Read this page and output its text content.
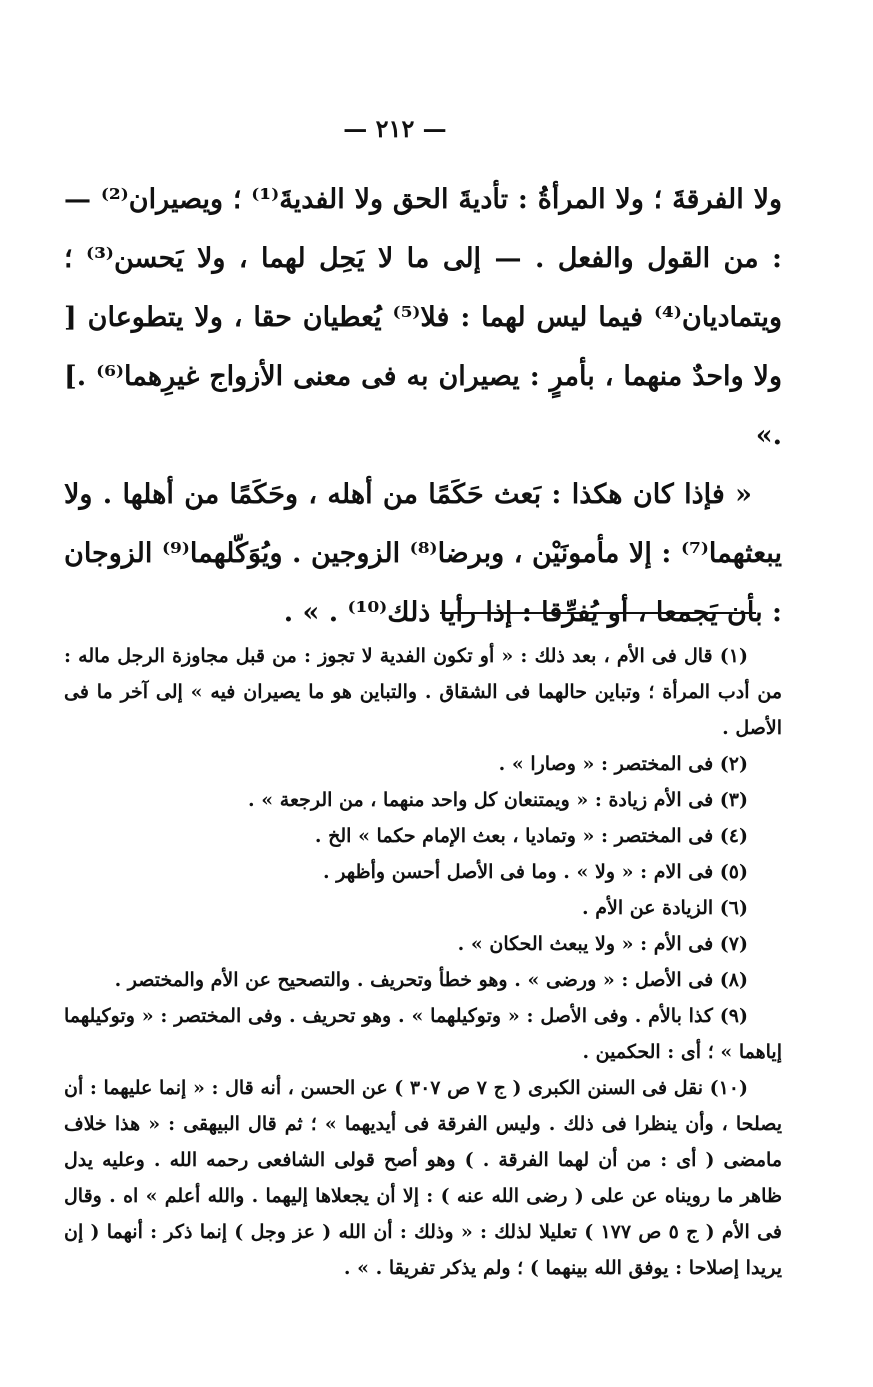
— ٢١٢ —

ولا الفرقةَ ؛ ولا المرأةُ : تأديةَ الحق ولا الفديةَ⁽¹⁾ ؛ ويصيران⁽²⁾ — : من القول والفعل . — إلى ما لا يَحِل لهما ، ولا يَحسن⁽³⁾ ؛ ويتماديان⁽⁴⁾ فيما ليس لهما : فلا⁽⁵⁾ يُعطيان حقا ، ولا يتطوعان [ ولا واحدٌ منهما ، بأمرٍ : يصيران به فى معنى الأزواج غيرِهما⁽⁶⁾ .] .»

« فإذا كان هكذا : بَعث حَكَمًا من أهله ، وحَكَمًا من أهلها . ولا يبعثهما⁽⁷⁾ : إلا مأمونَيْن ، وبرضا⁽⁸⁾ الزوجين . ويُوَكّلهما⁽⁹⁾ الزوجان : بأن يَجمعا ، أو يُفرِّقا : إذا رأيا ذلك⁽¹⁰⁾ . » .

(١) قال فى الأم ، بعد ذلك : « أو تكون الفدية لا تجوز : من قبل مجاوزة الرجل ماله : من أدب المرأة ؛ وتباين حالهما فى الشقاق . والتباين هو ما يصيران فيه » إلى آخر ما فى الأصل .

(٢) فى المختصر : « وصارا » .

(٣) فى الأم زيادة : « ويمتنعان كل واحد منهما ، من الرجعة » .

(٤) فى المختصر : « وتماديا ، بعث الإمام حكما » الخ .

(٥) فى الام : « ولا » . وما فى الأصل أحسن وأظهر .

(٦) الزيادة عن الأم .

(٧) فى الأم : « ولا يبعث الحكان » .

(٨) فى الأصل : « ورضى » . وهو خطأ وتحريف . والتصحيح عن الأم والمختصر .

(٩) كذا بالأم . وفى الأصل : « وتوكيلهما » . وهو تحريف . وفى المختصر : « وتوكيلهما إياهما » ؛ أى : الحكمين .

(١٠) نقل فى السنن الكبرى ( ج ٧ ص ٣٠٧ ) عن الحسن ، أنه قال : « إنما عليهما : أن يصلحا ، وأن ينظرا فى ذلك . وليس الفرقة فى أيديهما » ؛ ثم قال البيهقى : « هذا خلاف مامضى ( أى : من أن لهما الفرقة . ) وهو أصح قولى الشافعى رحمه الله . وعليه يدل ظاهر ما رويناه عن على ( رضى الله عنه ) : إلا أن يجعلاها إليهما . والله أعلم » اه . وقال فى الأم ( ج ٥ ص ١٧٧ ) تعليلا لذلك : « وذلك : أن الله ( عز وجل ) إنما ذكر : أنهما ( إن يريدا إصلاحا : يوفق الله بينهما ) ؛ ولم يذكر تفريقا . » .
